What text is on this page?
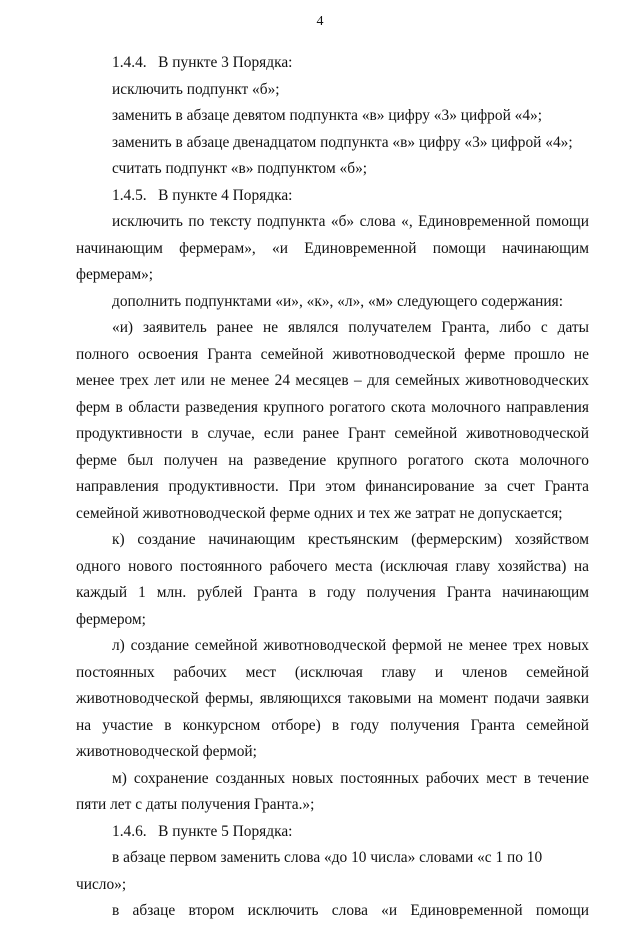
4

1.4.4.   В пункте 3 Порядка:

исключить подпункт «б»;

заменить в абзаце девятом подпункта «в» цифру «3» цифрой «4»;

заменить в абзаце двенадцатом подпункта «в» цифру «3» цифрой «4»;

считать подпункт «в» подпунктом «б»;

1.4.5.   В пункте 4 Порядка:

исключить по тексту подпункта «б» слова «, Единовременной помощи начинающим фермерам», «и Единовременной помощи начинающим фермерам»;

дополнить подпунктами «и», «к», «л», «м» следующего содержания:

«и) заявитель ранее не являлся получателем Гранта, либо с даты полного освоения Гранта семейной животноводческой ферме прошло не менее трех лет или не менее 24 месяцев – для семейных животноводческих ферм в области разведения крупного рогатого скота молочного направления продуктивности в случае, если ранее Грант семейной животноводческой ферме был получен на разведение крупного рогатого скота молочного направления продуктивности. При этом финансирование за счет Гранта семейной животноводческой ферме одних и тех же затрат не допускается;

к) создание начинающим крестьянским (фермерским) хозяйством одного нового постоянного рабочего места (исключая главу хозяйства) на каждый 1 млн. рублей Гранта в году получения Гранта начинающим фермером;

л) создание семейной животноводческой фермой не менее трех новых постоянных рабочих мест (исключая главу и членов семейной животноводческой фермы, являющихся таковыми на момент подачи заявки на участие в конкурсном отборе) в году получения Гранта семейной животноводческой фермой;

м) сохранение созданных новых постоянных рабочих мест в течение пяти лет с даты получения Гранта.»;

1.4.6.   В пункте 5 Порядка:

в абзаце первом заменить слова «до 10 числа» словами «с 1 по 10 число»;

в абзаце втором исключить слова «и Единовременной помощи
